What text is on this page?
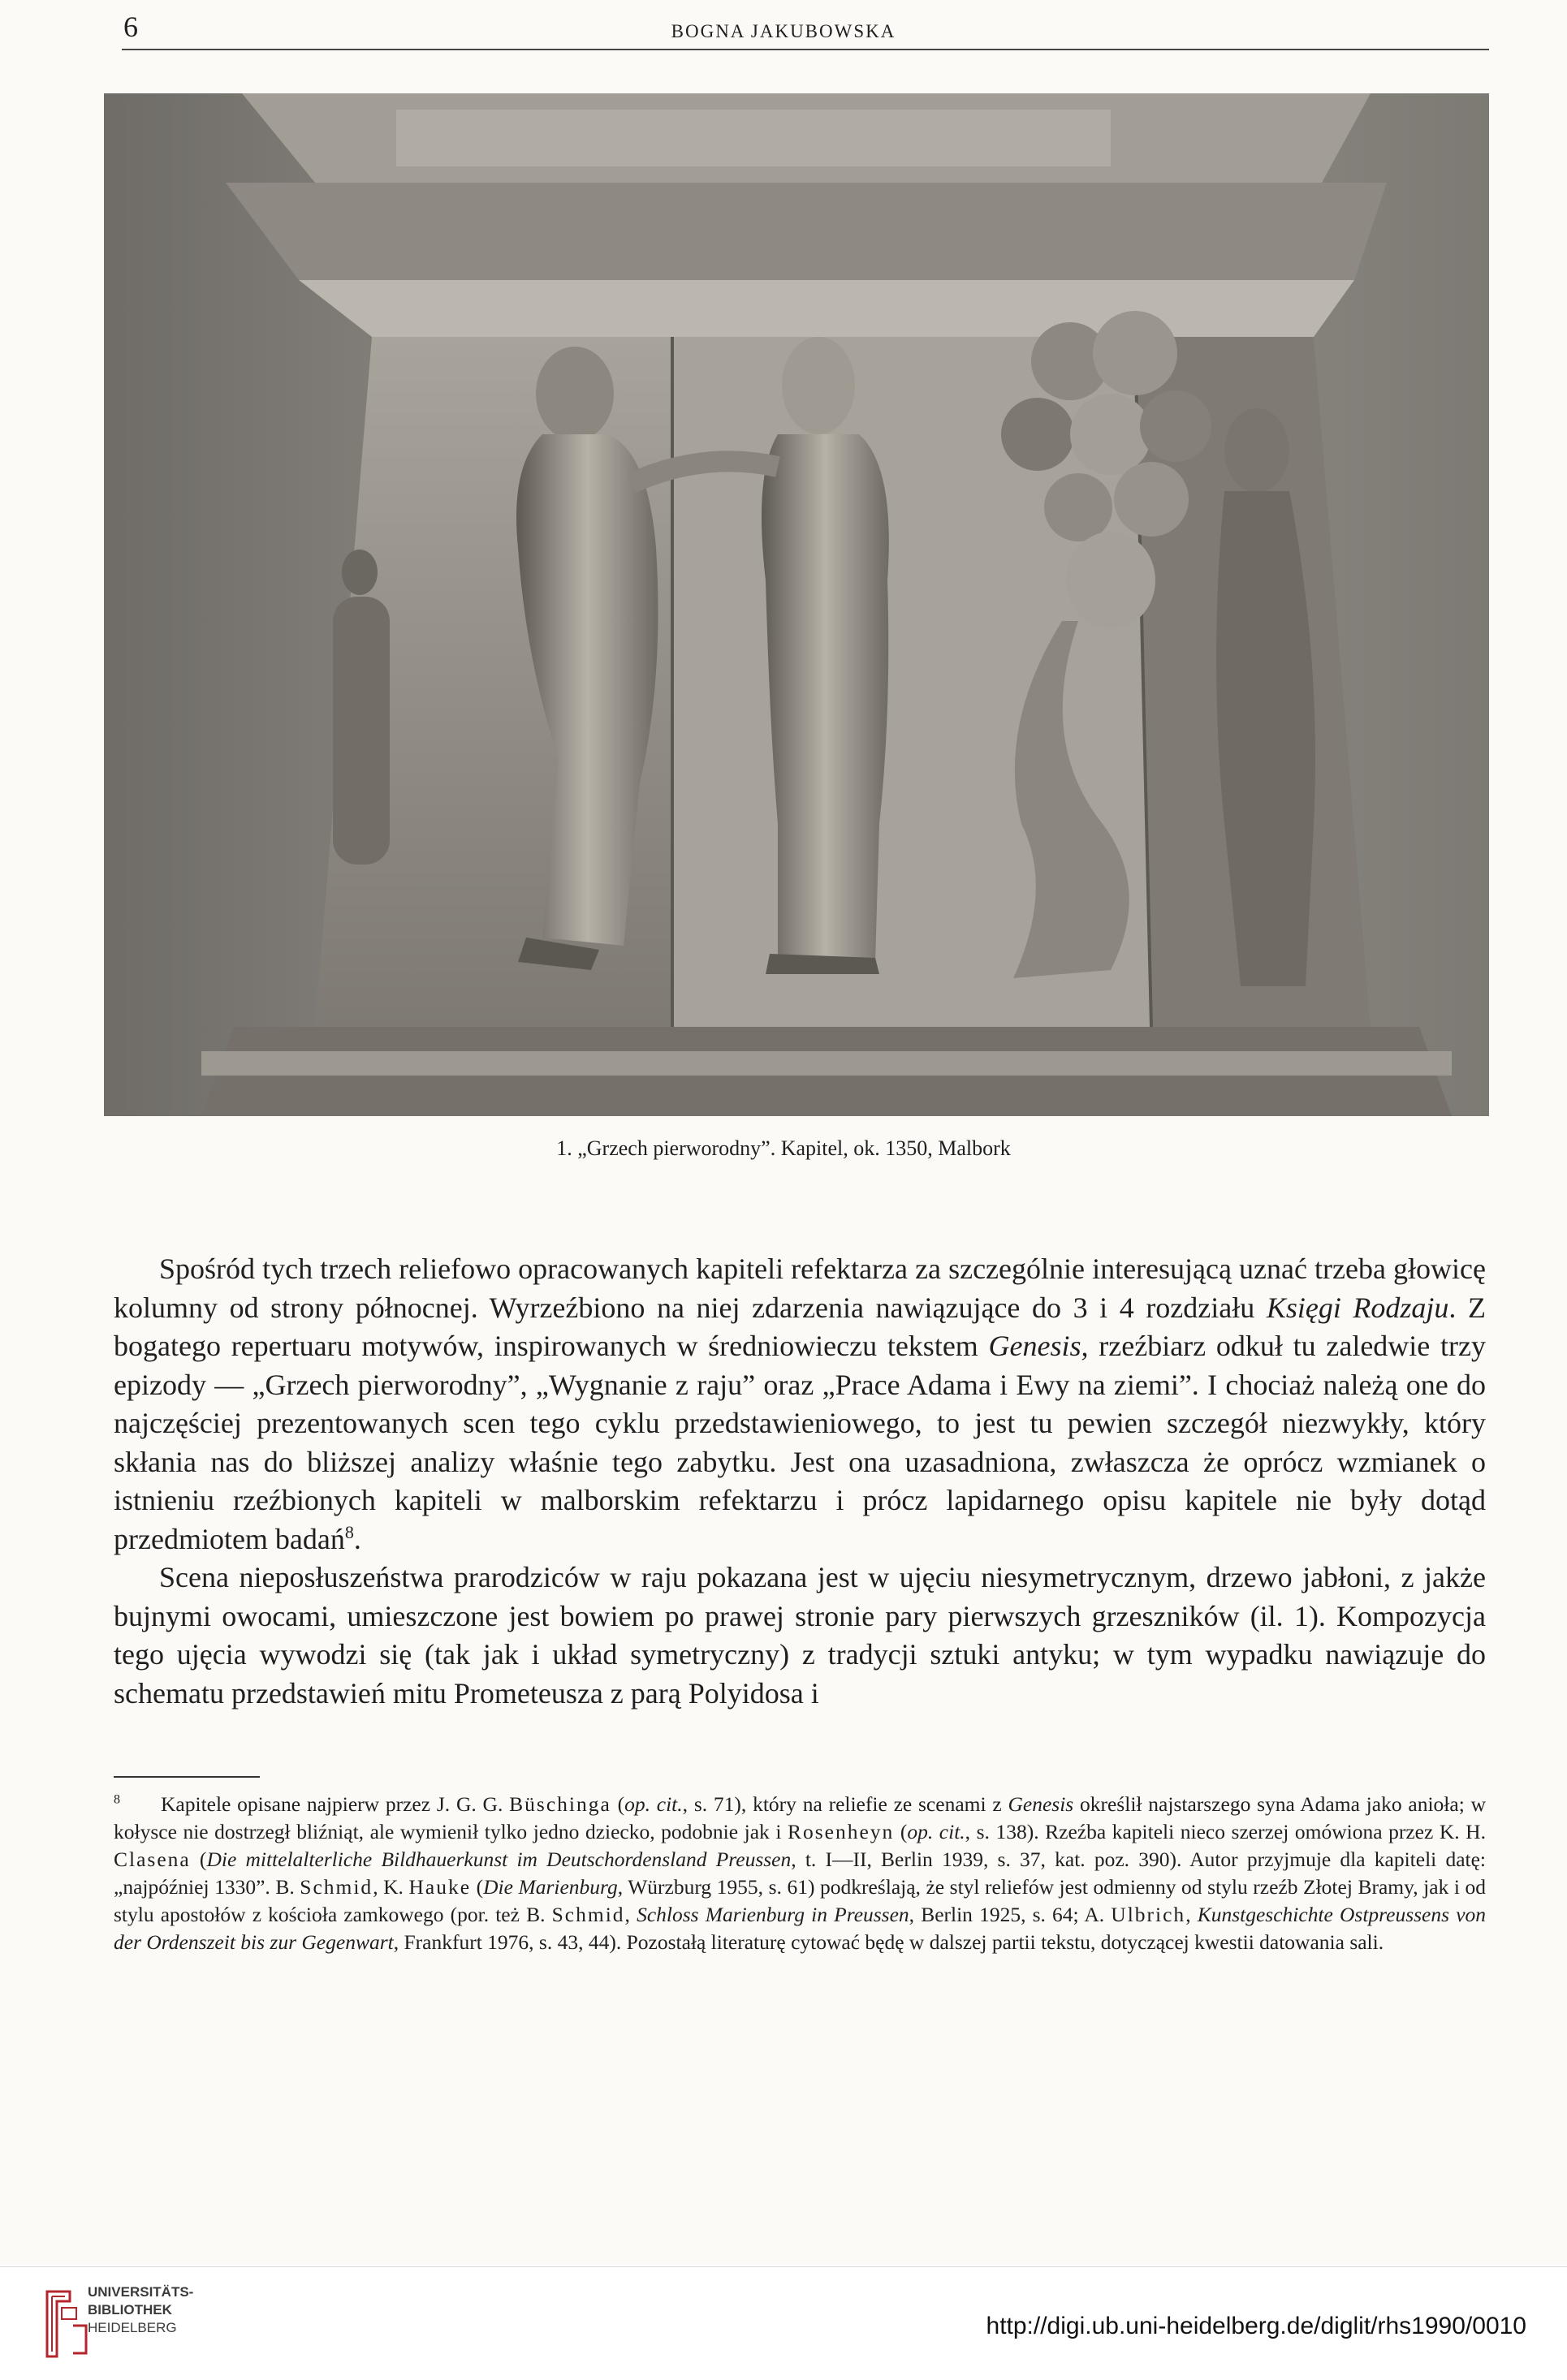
6	BOGNA JAKUBOWSKA
1. „Grzech pierworodny”. Kapitel, ok. 1350, Malbork

Spośród tych trzech reliefowo opracowanych kapiteli refektarza za szczególnie interesującą uznać trzeba głowicę kolumny od strony północnej. Wyrzeźbiono na niej zdarzenia nawiązujące do 3 i 4 rozdziału Księgi Rodzaju. Z bogatego repertuaru motywów, inspirowanych w średniowieczu tekstem Genesis, rzeźbiarz odkuł tu zaledwie trzy epizody — „Grzech pierworodny”, „Wygnanie z raju” oraz „Prace Adama i Ewy na ziemi”. I chociaż należą one do najczęściej prezentowanych scen tego cyklu przedstawieniowego, to jest tu pewien szczegół niezwykły, który skłania nas do bliższej analizy właśnie tego zabytku. Jest ona uzasadniona, zwłaszcza że oprócz wzmianek o istnieniu rzeźbionych kapiteli w malborskim refektarzu i prócz lapidarnego opisu kapitele nie były dotąd przedmiotem badań$^8$.

Scena nieposłuszeństwa prarodziców w raju pokazana jest w ujęciu niesymetrycznym, drzewo jabłoni, z jakże bujnymi owocami, umieszczone jest bowiem po prawej stronie pary pierwszych grzeszników (il. 1). Kompozycja tego ujęcia wywodzi się (tak jak i układ symetryczny) z tradycji sztuki antyku; w tym wypadku nawiązuje do schematu przedstawień mitu Prometeusza z parą Polyidosa i

$^8$ Kapitele opisane najpierw przez J. G. G. Büschinga (op. cit., s. 71), który na reliefie ze scenami z Genesis określił najstarszego syna Adama jako anioła; w kołysce nie dostrzegł bliźniąt, ale wymienił tylko jedno dziecko, podobnie jak i Rosenheyn (op. cit., s. 138). Rzeźba kapiteli nieco szerzej omówiona przez K. H. Clasena (Die mittelalterliche Bildhauerkunst im Deutschordensland Preussen, t. I—II, Berlin 1939, s. 37, kat. poz. 390). Autor przyjmuje dla kapiteli datę: „najpóźniej 1330”. B. Schmid, K. Hauke (Die Marienburg, Würzburg 1955, s. 61) podkreślają, że styl reliefów jest odmienny od stylu rzeźb Złotej Bramy, jak i od stylu apostołów z kościoła zamkowego (por. też B. Schmid, Schloss Marienburg in Preussen, Berlin 1925, s. 64; A. Ulbrich, Kunstgeschichte Ostpreussens von der Ordenszeit bis zur Gegenwart, Frankfurt 1976, s. 43, 44). Pozostałą literaturę cytować będę w dalszej partii tekstu, dotyczącej kwestii datowania sali.
UNIVERSITÄTS-
BIBLIOTHEK
HEIDELBERG	http://digi.ub.uni-heidelberg.de/diglit/rhs1990/0010
